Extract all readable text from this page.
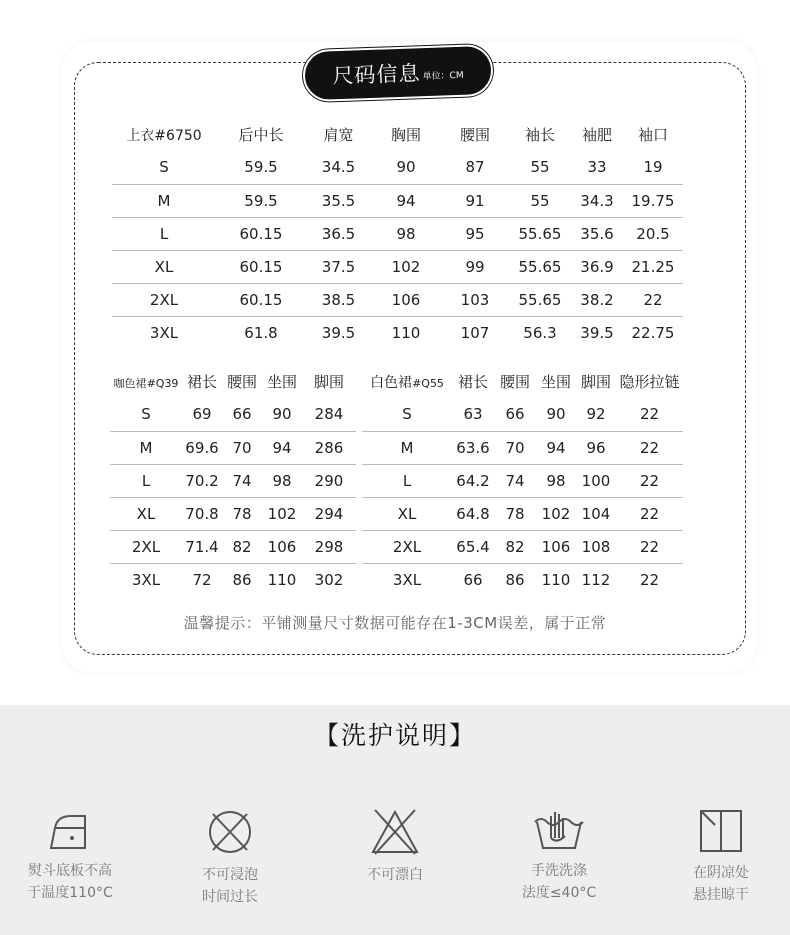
尺码信息 单位：CM
上衣#6750	后中长	肩宽	胸围	腰围	袖长	袖肥	袖口
S	59.5	34.5	90	87	55	33	19
M	59.5	35.5	94	91	55	34.3	19.75
L	60.15	36.5	98	95	55.65	35.6	20.5
XL	60.15	37.5	102	99	55.65	36.9	21.25
2XL	60.15	38.5	106	103	55.65	38.2	22
3XL	61.8	39.5	110	107	56.3	39.5	22.75
咖色裙#Q39	裙长	腰围	坐围	脚围
S	69	66	90	284
M	69.6	70	94	286
L	70.2	74	98	290
XL	70.8	78	102	294
2XL	71.4	82	106	298
3XL	72	86	110	302
白色裙#Q55	裙长	腰围	坐围	脚围	隐形拉链
S	63	66	90	92	22
M	63.6	70	94	96	22
L	64.2	74	98	100	22
XL	64.8	78	102	104	22
2XL	65.4	82	106	108	22
3XL	66	86	110	112	22
温馨提示：平铺测量尺寸数据可能存在1-3CM误差，属于正常
【洗护说明】
熨斗底板不高
于温度110°C
不可浸泡
时间过长
不可漂白	手洗洗涤
法度≤40°C
在阴凉处
悬挂晾干
